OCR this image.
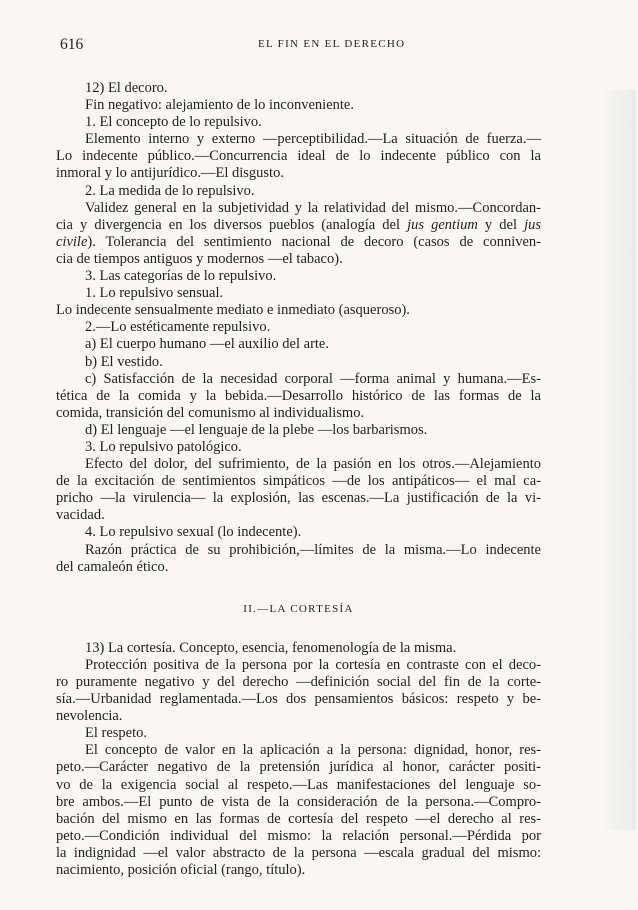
616	EL FIN EN EL DERECHO

12) El decoro.

Fin negativo: alejamiento de lo inconveniente.

1. El concepto de lo repulsivo.

Elemento interno y externo —perceptibilidad.—La situación de fuerza.—

Lo indecente público.—Concurrencia ideal de lo indecente público con la

inmoral y lo antijurídico.—El disgusto.

2. La medida de lo repulsivo.

Validez general en la subjetividad y la relatividad del mismo.—Concordan-

cia y divergencia en los diversos pueblos (analogía del jus gentium y del jus

civile). Tolerancia del sentimiento nacional de decoro (casos de conniven-

cia de tiempos antiguos y modernos —el tabaco).

3. Las categorías de lo repulsivo.

1. Lo repulsivo sensual.

Lo indecente sensualmente mediato e inmediato (asqueroso).

2.—Lo estéticamente repulsivo.

a) El cuerpo humano —el auxilio del arte.

b) El vestido.

c) Satisfacción de la necesidad corporal —forma animal y humana.—Es-

tética de la comida y la bebida.—Desarrollo histórico de las formas de la

comida, transición del comunismo al individualismo.

d) El lenguaje —el lenguaje de la plebe —los barbarismos.

3. Lo repulsivo patológico.

Efecto del dolor, del sufrimiento, de la pasión en los otros.—Alejamiento

de la excitación de sentimientos simpáticos —de los antipáticos— el mal ca-

pricho —la virulencia— la explosión, las escenas.—La justificación de la vi-

vacidad.

4. Lo repulsivo sexual (lo indecente).

Razón práctica de su prohibición,—límites de la misma.—Lo indecente

del camaleón ético.

II.—LA CORTESÍA

13) La cortesía. Concepto, esencia, fenomenología de la misma.

Protección positiva de la persona por la cortesía en contraste con el deco-

ro puramente negativo y del derecho —definición social del fin de la corte-

sía.—Urbanidad reglamentada.—Los dos pensamientos básicos: respeto y be-

nevolencia.

El respeto.

El concepto de valor en la aplicación a la persona: dignidad, honor, res-

peto.—Carácter negativo de la pretensión jurídica al honor, carácter positi-

vo de la exigencia social al respeto.—Las manifestaciones del lenguaje so-

bre ambos.—El punto de vista de la consideración de la persona.—Compro-

bación del mismo en las formas de cortesía del respeto —el derecho al res-

peto.—Condición individual del mismo: la relación personal.—Pérdida por

la indignidad —el valor abstracto de la persona —escala gradual del mismo:

nacimiento, posición oficial (rango, título).
